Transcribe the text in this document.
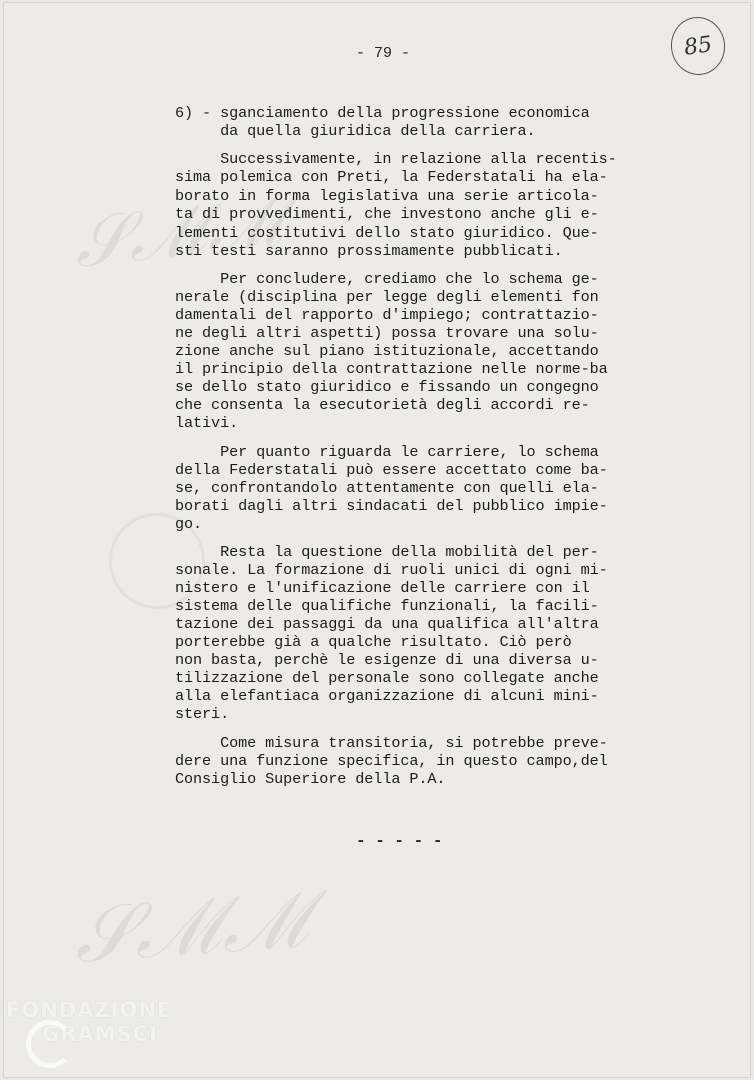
𝒮ℳℳ
𝒮ℳℳ
- 79 -	85
6) - sganciamento della progressione economica
da quella giuridica della carriera.
Successivamente, in relazione alla recentis-
sima polemica con Preti, la Federstatali ha ela-
borato in forma legislativa una serie articola-
ta di provvedimenti, che investono anche gli e-
lementi costitutivi dello stato giuridico. Que-
sti testi saranno prossimamente pubblicati.
Per concludere, crediamo che lo schema ge-
nerale (disciplina per legge degli elementi fon
damentali del rapporto d'impiego; contrattazio-
ne degli altri aspetti) possa trovare una solu-
zione anche sul piano istituzionale, accettando
il principio della contrattazione nelle norme-ba
se dello stato giuridico e fissando un congegno
che consenta la esecutorietà degli accordi re-
lativi.
Per quanto riguarda le carriere, lo schema
della Federstatali può essere accettato come ba-
se, confrontandolo attentamente con quelli ela-
borati dagli altri sindacati del pubblico impie-
go.
Resta la questione della mobilità del per-
sonale. La formazione di ruoli unici di ogni mi-
nistero e l'unificazione delle carriere con il
sistema delle qualifiche funzionali, la facili-
tazione dei passaggi da una qualifica all'altra
porterebbe già a qualche risultato. Ciò però
non basta, perchè le esigenze di una diversa u-
tilizzazione del personale sono collegate anche
alla elefantiaca organizzazione di alcuni mini-
steri.
Come misura transitoria, si potrebbe preve-
dere una funzione specifica, in questo campo,del
Consiglio Superiore della P.A.
- - - - -
FONDAZIONE
GRAMSCI
